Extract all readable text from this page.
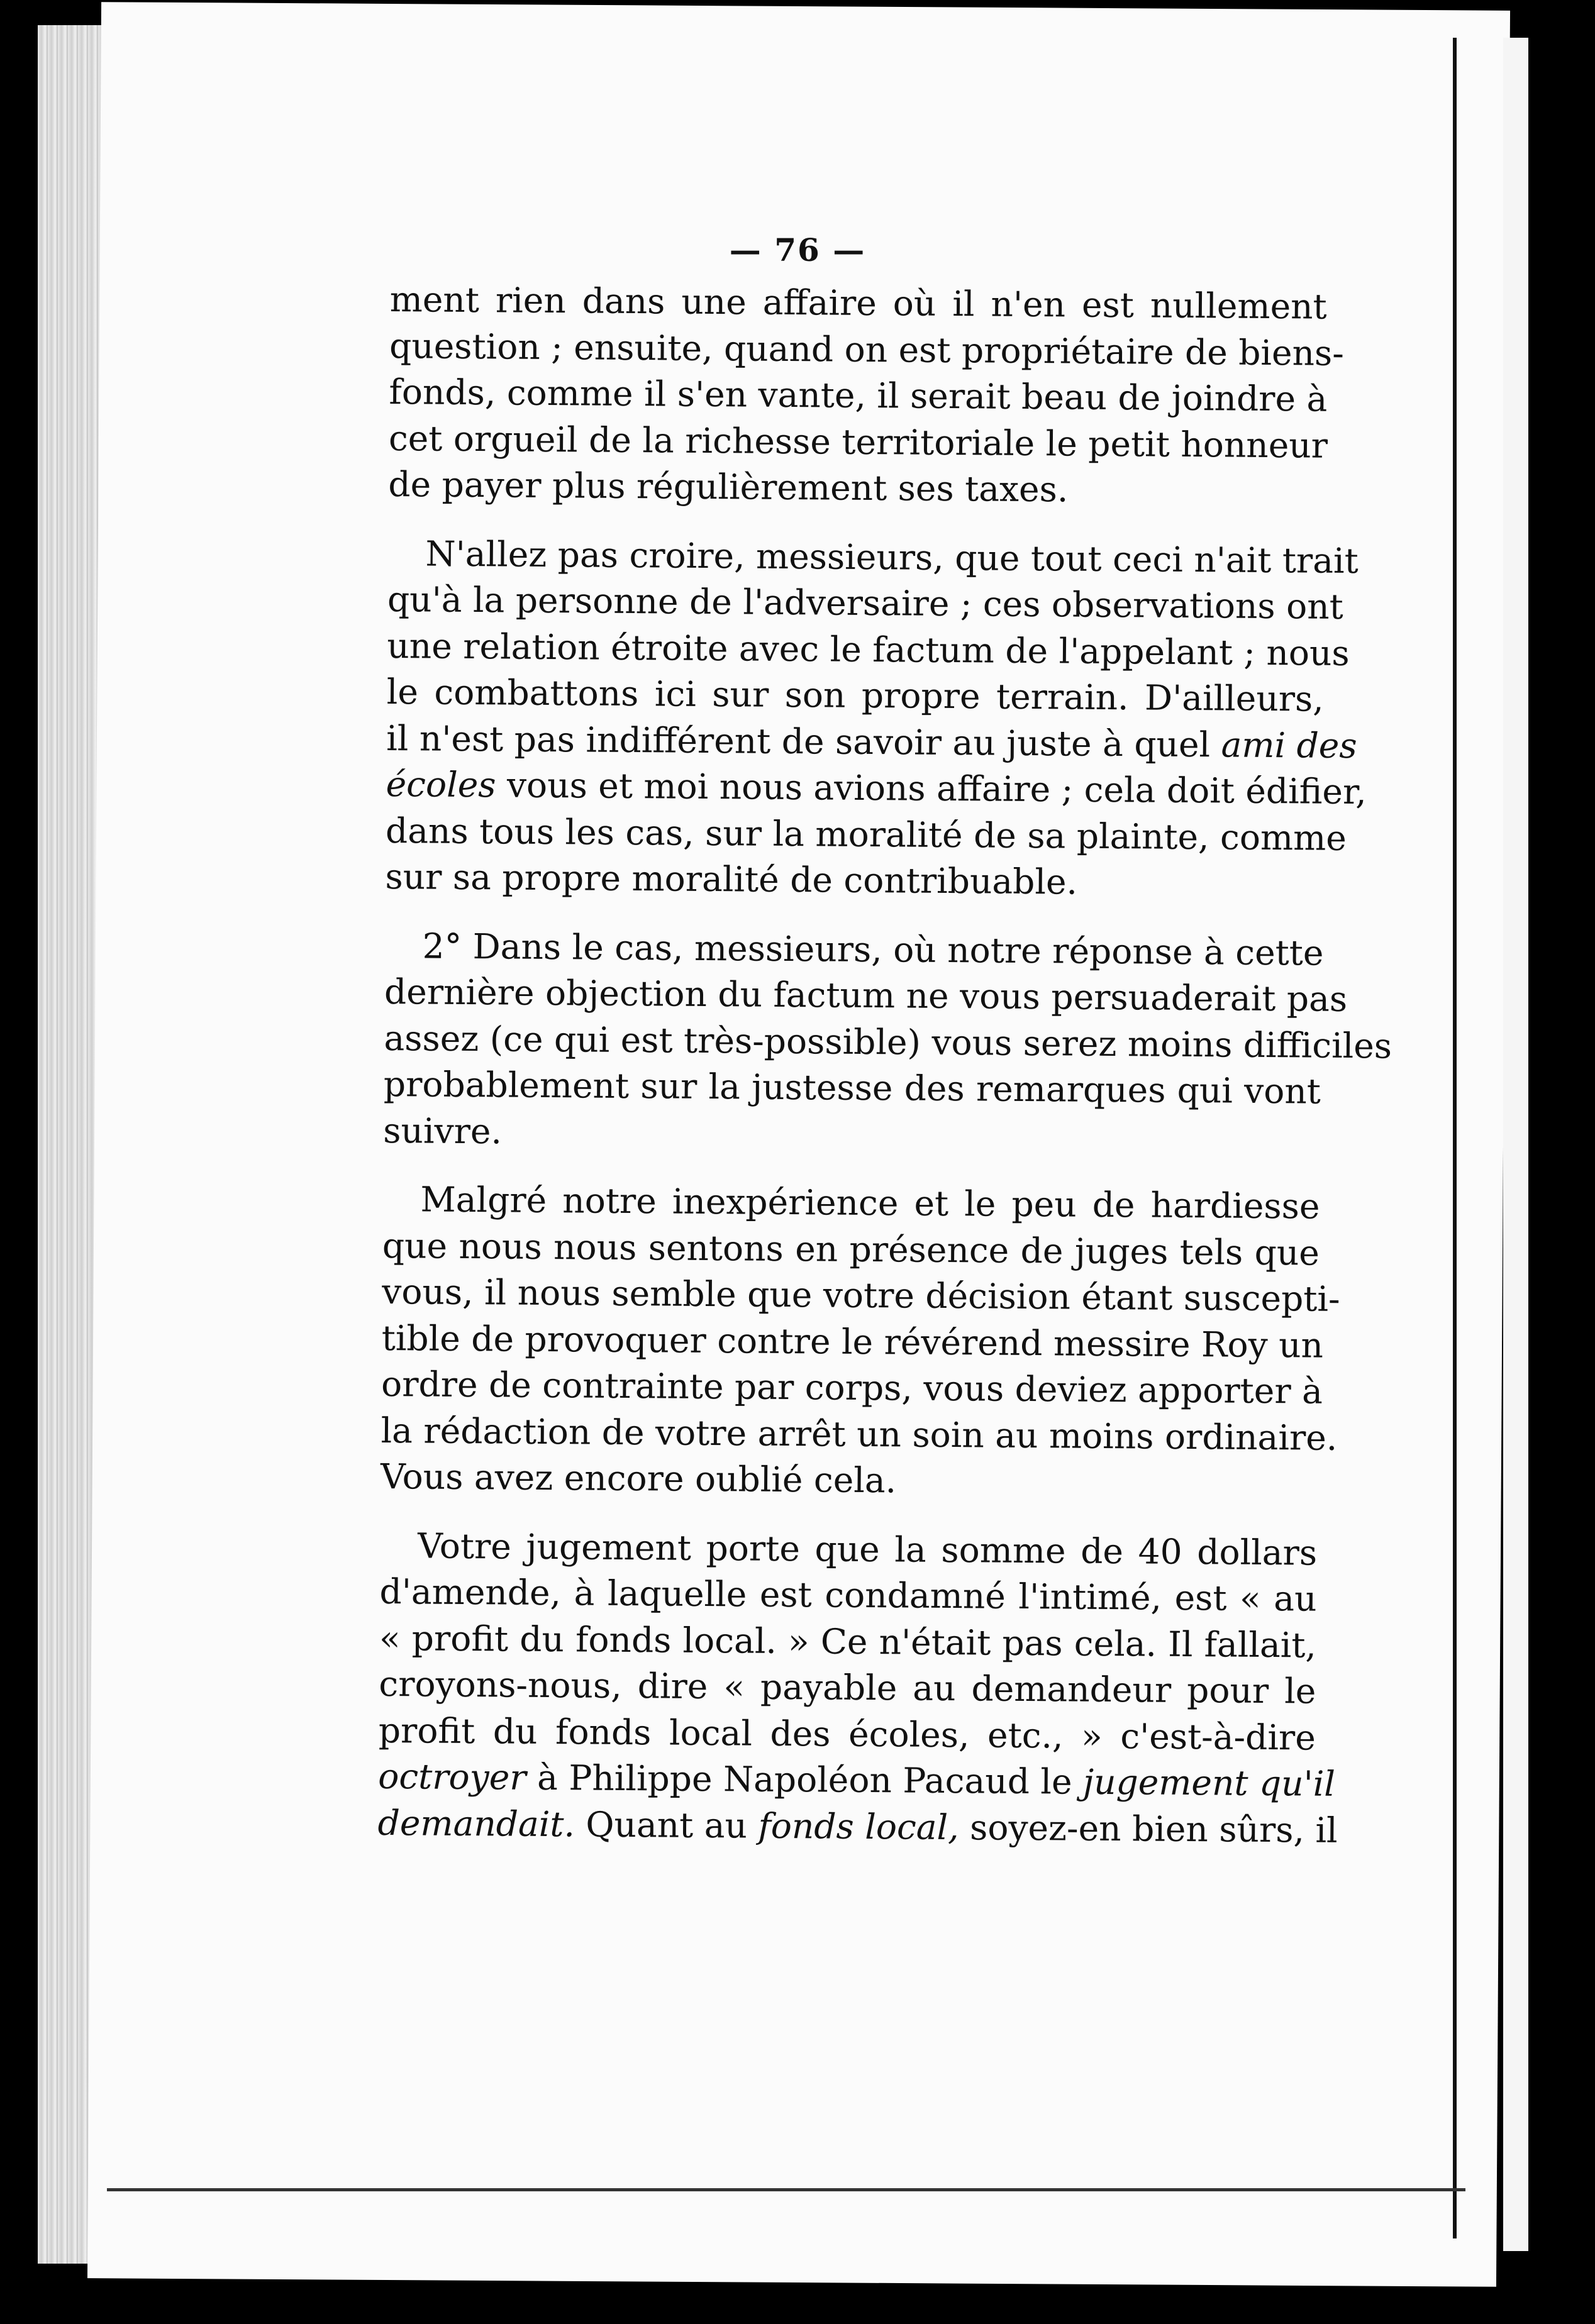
— 76 —

ment rien dans une affaire où il n'en est nullement
question ; ensuite, quand on est propriétaire de biens-
fonds, comme il s'en vante, il serait beau de joindre à
cet orgueil de la richesse territoriale le petit honneur
de payer plus régulièrement ses taxes.

N'allez pas croire, messieurs, que tout ceci n'ait trait
qu'à la personne de l'adversaire ; ces observations ont
une relation étroite avec le factum de l'appelant ; nous
le combattons ici sur son propre terrain. D'ailleurs,
il n'est pas indifférent de savoir au juste à quel ami des
écoles vous et moi nous avions affaire ; cela doit édifier,
dans tous les cas, sur la moralité de sa plainte, comme
sur sa propre moralité de contribuable.

2° Dans le cas, messieurs, où notre réponse à cette
dernière objection du factum ne vous persuaderait pas
assez (ce qui est très-possible) vous serez moins difficiles
probablement sur la justesse des remarques qui vont
suivre.

Malgré notre inexpérience et le peu de hardiesse
que nous nous sentons en présence de juges tels que
vous, il nous semble que votre décision étant suscepti-
tible de provoquer contre le révérend messire Roy un
ordre de contrainte par corps, vous deviez apporter à
la rédaction de votre arrêt un soin au moins ordinaire.
Vous avez encore oublié cela.

Votre jugement porte que la somme de 40 dollars
d'amende, à laquelle est condamné l'intimé, est « au
« profit du fonds local. » Ce n'était pas cela. Il fallait,
croyons-nous, dire « payable au demandeur pour le
profit du fonds local des écoles, etc., » c'est-à-dire
octroyer à Philippe Napoléon Pacaud le jugement qu'il
demandait. Quant au fonds local, soyez-en bien sûrs, il
